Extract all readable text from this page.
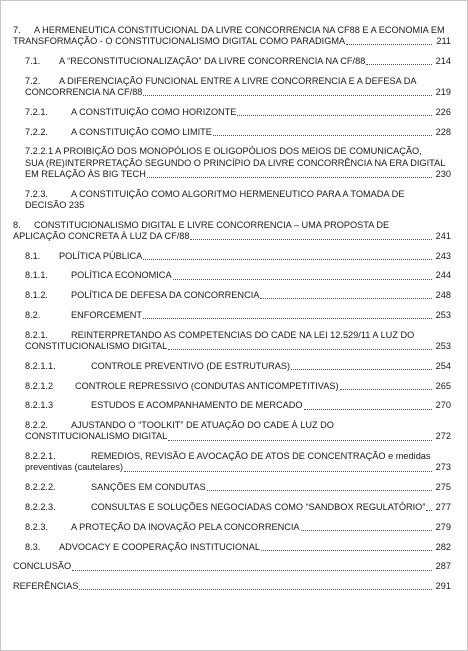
7.	A HERMENEUTICA CONSTITUCIONAL DA LIVRE CONCORRENCIA NA CF88 E A ECONOMIA EM
TRANSFORMAÇÃO - O CONSTITUCIONALISMO DIGITAL COMO PARADIGMA	211
7.1.	A “RECONSTITUCIONALIZAÇÃO” DA LIVRE CONCORRENCIA NA CF/88	214
7.2.	A DIFERENCIAÇÃO FUNCIONAL ENTRE A LIVRE CONCORRENCIA E A DEFESA DA
CONCORRENCIA NA CF/88	219
7.2.1.	A CONSTITUIÇÃO COMO HORIZONTE	226
7.2.2.	A CONSTITUIÇÃO COMO LIMITE	228
7.2.2.1 A PROIBIÇÃO DOS MONOPÓLIOS E OLIGOPÓLIOS DOS MEIOS DE COMUNICAÇÃO,
SUA (RE)INTERPRETAÇÃO SEGUNDO O PRINCÍPIO DA LIVRE CONCORRÊNCIA NA ERA DIGITAL
EM RELAÇÃO ÀS BIG TECH	230
7.2.3.	A CONSTITUIÇÃO COMO ALGORITMO HERMENEUTICO PARA A TOMADA DE
DECISÃO 235
8.	CONSTITUCIONALISMO DIGITAL E LIVRE CONCORRENCIA – UMA PROPOSTA DE
APLICAÇÃO CONCRETA À LUZ DA CF/88	241
8.1.	POLÍTICA PÚBLICA	243
8.1.1.	POLÍTICA ECONOMICA	244
8.1.2.	POLÍTICA DE DEFESA DA CONCORRENCIA	248
8.2.	ENFORCEMENT	253
8.2.1.	REINTERPRETANDO AS COMPETENCIAS DO CADE NA LEI 12.529/11 A LUZ DO
CONSTITUCIONALISMO DIGITAL	253
8.2.1.1.	CONTROLE PREVENTIVO (DE ESTRUTURAS)	254
8.2.1.2	CONTROLE REPRESSIVO (CONDUTAS ANTICOMPETITIVAS)	265
8.2.1.3	ESTUDOS E ACOMPANHAMENTO DE MERCADO	270
8.2.2.	AJUSTANDO O “TOOLKIT” DE ATUAÇÃO DO CADE À LUZ DO
CONSTITUCIONALISMO DIGITAL	272
8.2.2.1.	REMEDIOS, REVISÃO E AVOCAÇÃO DE ATOS DE CONCENTRAÇÃO e medidas
preventivas (cautelares)	273
8.2.2.2.	SANÇÕES EM CONDUTAS	275
8.2.2.3.	CONSULTAS E SOLUÇÕES NEGOCIADAS COMO “SANDBOX REGULATÓRIO” 277
8.2.3.	A PROTEÇÃO DA INOVAÇÃO PELA CONCORRENCIA	279
8.3.	ADVOCACY E COOPERAÇÃO INSTITUCIONAL	282
CONCLUSÃO	287
REFERÊNCIAS	291
